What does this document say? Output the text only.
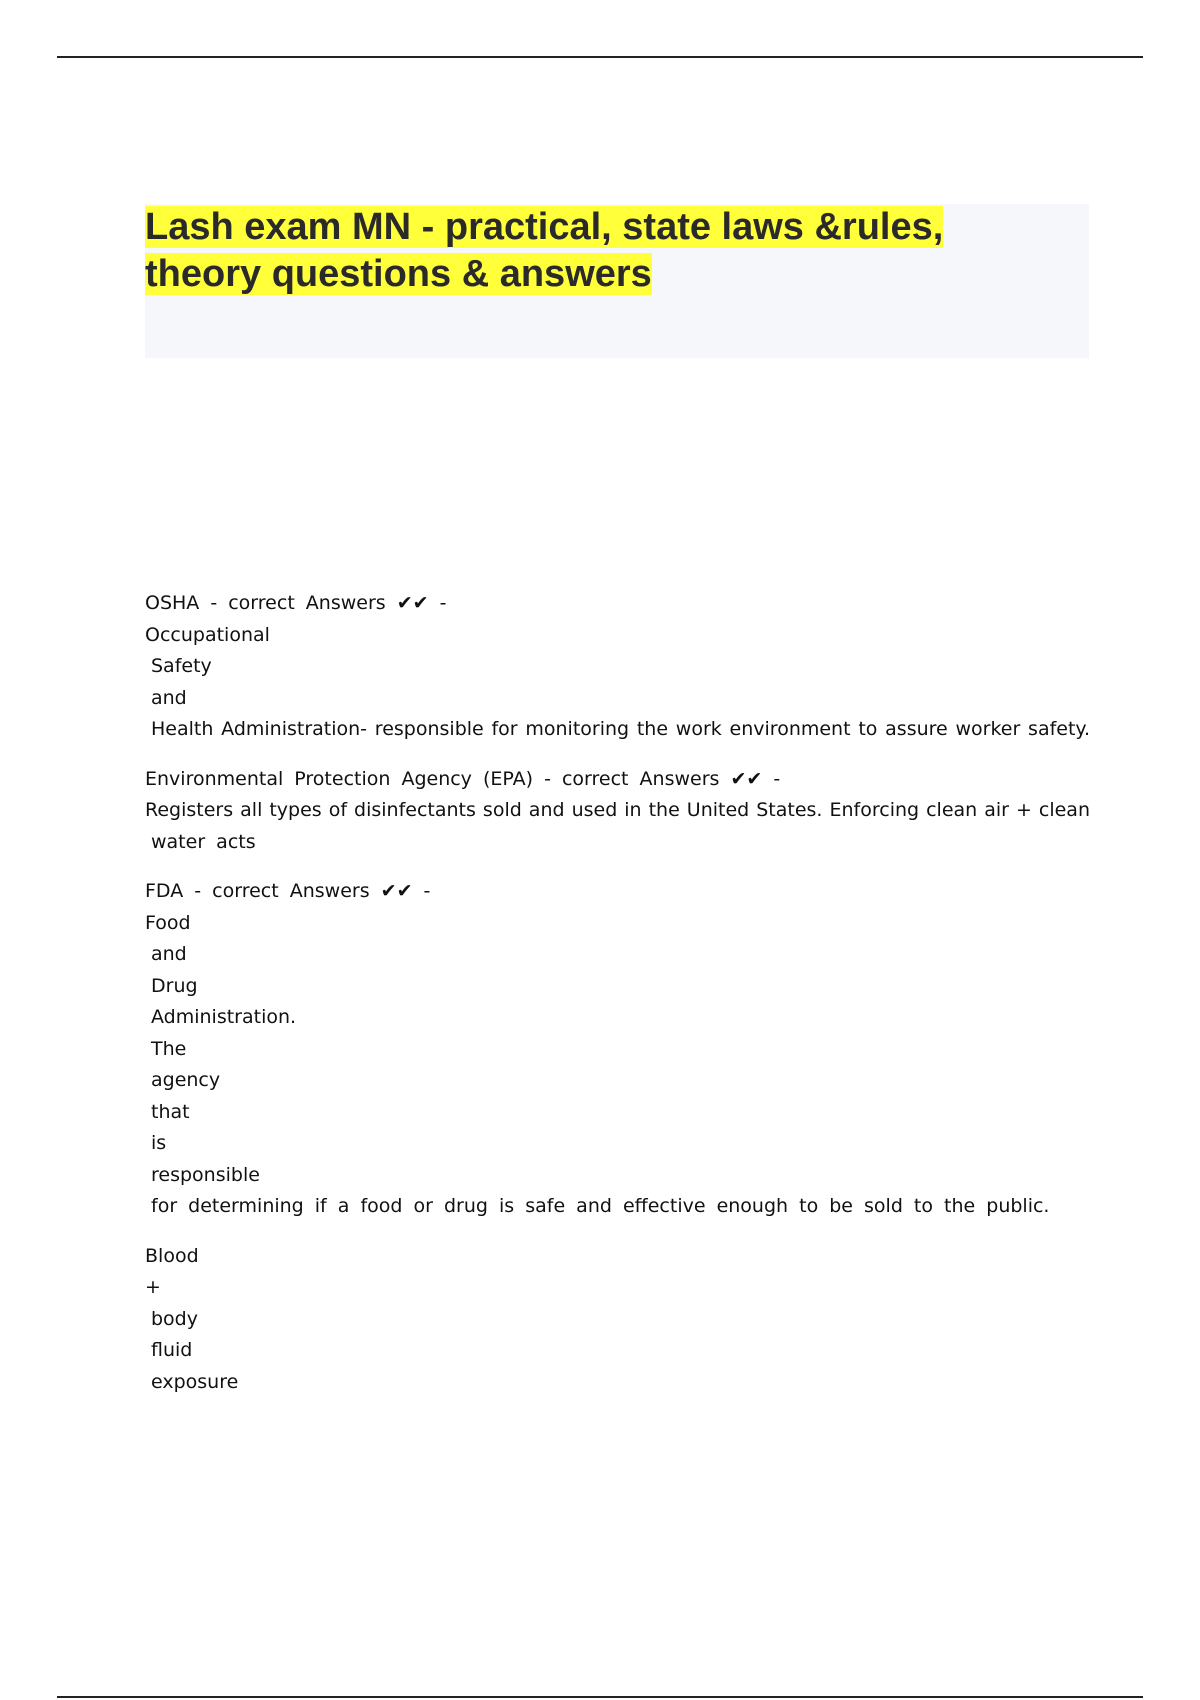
Lash exam MN - practical, state laws &rules,
theory questions & answers
OSHA - correct Answers ✔✔ -
Occupational
Safety
and
Health Administration- responsible for monitoring the work environment to assure worker safety.
Environmental Protection Agency (EPA) - correct Answers ✔✔ -
Registers all types of disinfectants sold and used in the United States. Enforcing clean air + clean
water acts
FDA - correct Answers ✔✔ -
Food
and
Drug
Administration.
The
agency
that
is
responsible
for determining if a food or drug is safe and effective enough to be sold to the public.
Blood
+
body
fluid
exposure
